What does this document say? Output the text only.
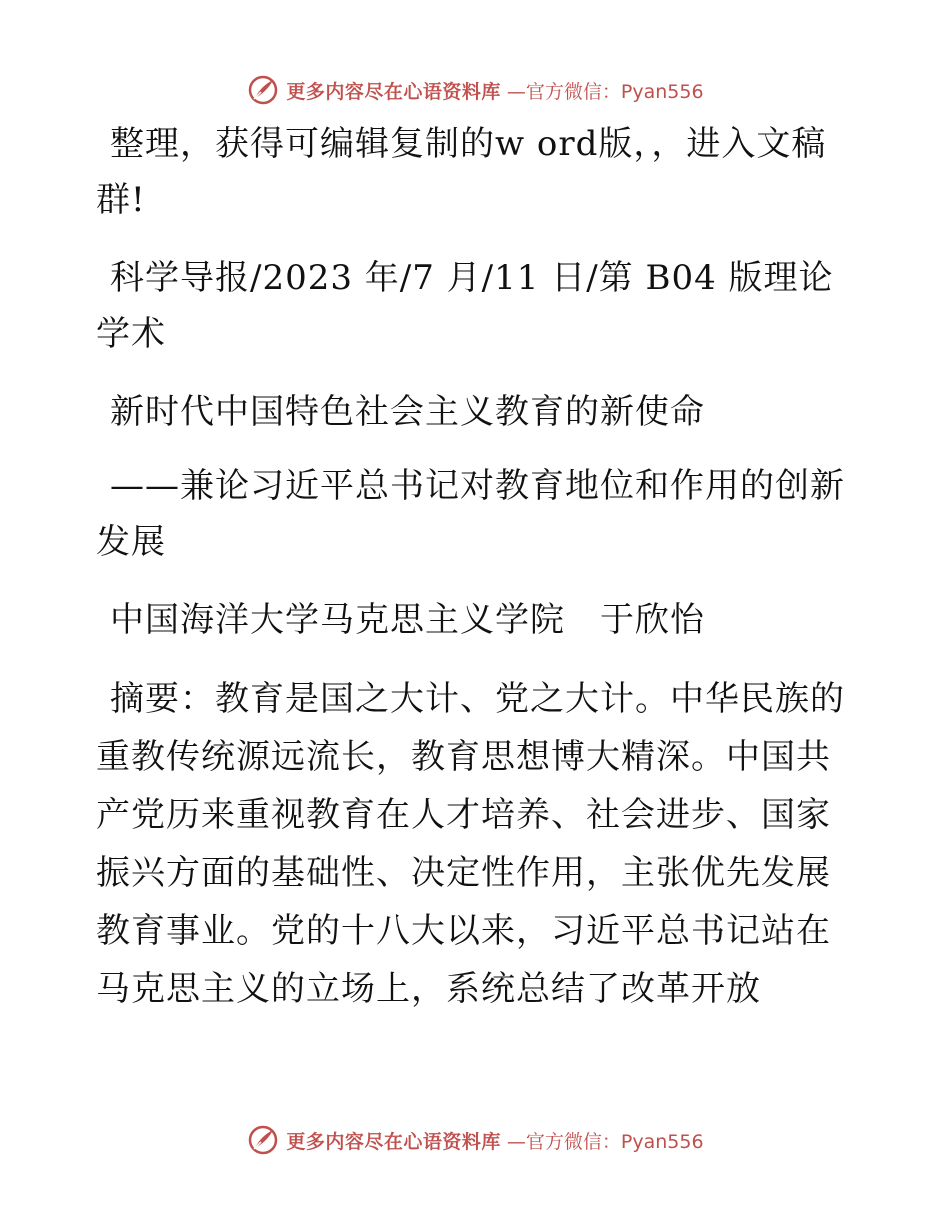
更多内容尽在心语资料库 —官方微信：Pyan556

整理，获得可编辑复制的w ord版，，进入文稿群!

科学导报/2023 年/7 月/11 日/第 B04 版理论学术

新时代中国特色社会主义教育的新使命

——兼论习近平总书记对教育地位和作用的创新发展

中国海洋大学马克思主义学院　于欣怡

摘要：教育是国之大计、党之大计。中华民族的重教传统源远流长，教育思想博大精深。中国共产党历来重视教育在人才培养、社会进步、国家振兴方面的基础性、决定性作用，主张优先发展教育事业。党的十八大以来，习近平总书记站在马克思主义的立场上，系统总结了改革开放

更多内容尽在心语资料库 —官方微信：Pyan556
